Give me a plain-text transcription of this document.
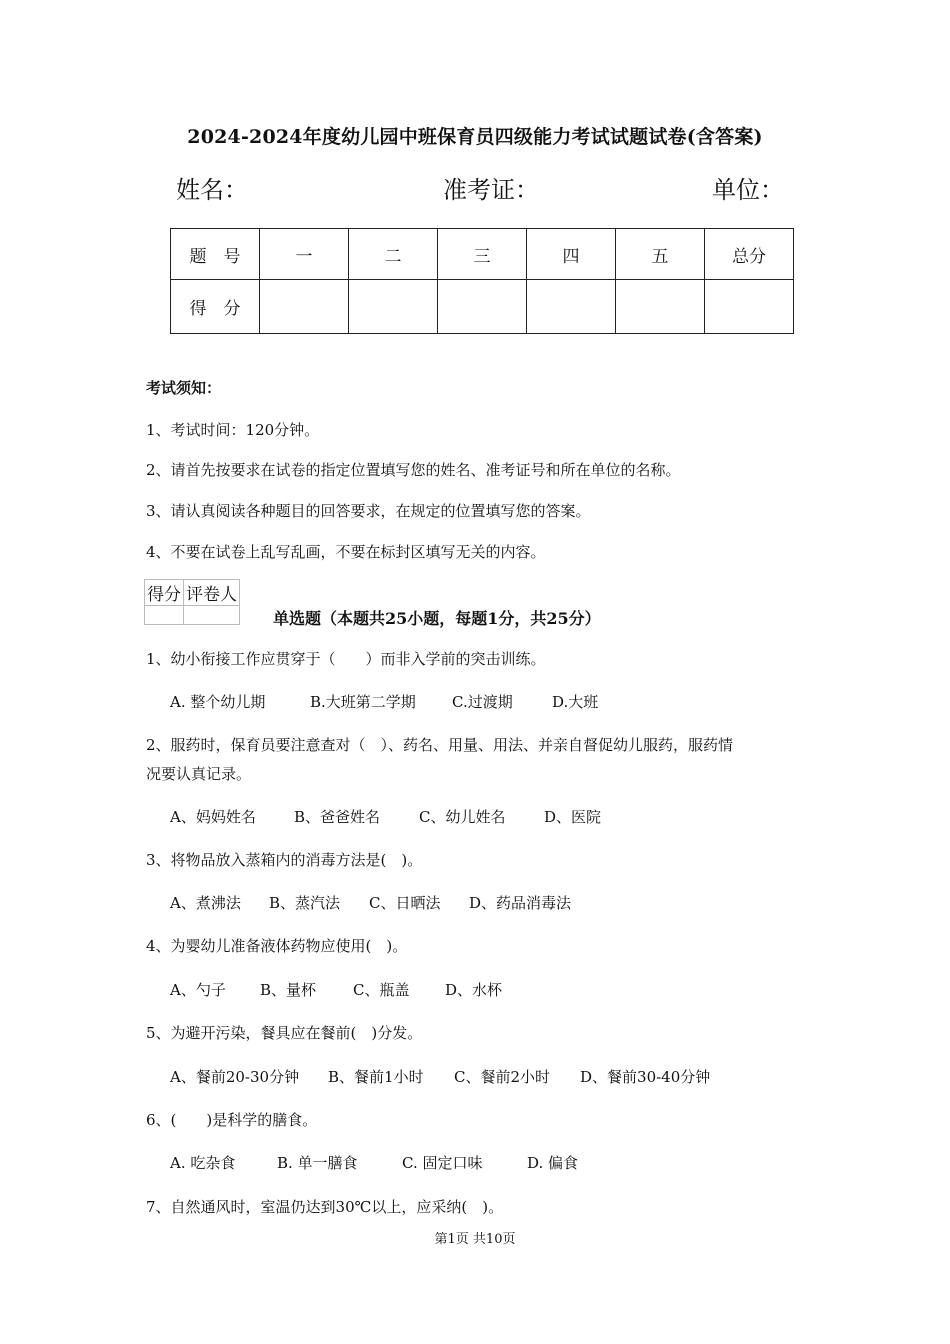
2024-2024年度幼儿园中班保育员四级能力考试试题试卷(含答案)
姓名：	准考证：	单位：
题　号	一	二	三	四	五	总分
得　分						
考试须知：
1、考试时间：120分钟。
2、请首先按要求在试卷的指定位置填写您的姓名、准考证号和所在单位的名称。
3、请认真阅读各种题目的回答要求，在规定的位置填写您的答案。
4、不要在试卷上乱写乱画，不要在标封区填写无关的内容。
得分	评卷人

单选题（本题共25小题，每题1分，共25分）
1、幼小衔接工作应贯穿于（　　）而非入学前的突击训练。
A. 整个幼儿期	B.大班第二学期 C.过渡期	D.大班
2、服药时，保育员要注意查对（　）、药名、用量、用法、并亲自督促幼儿服药，服药情
况要认真记录。
A、妈妈姓名	B、爸爸姓名	C、幼儿姓名	D、医院
3、将物品放入蒸箱内的消毒方法是(　)。
A、煮沸法 B、蒸汽法 C、日晒法 D、药品消毒法
4、为婴幼儿准备液体药物应使用(　)。
A、勺子 B、量杯 C、瓶盖 D、水杯
5、为避开污染，餐具应在餐前(　)分发。
A、餐前20-30分钟 B、餐前1小时 C、餐前2小时 D、餐前30-40分钟
6、(　　)是科学的膳食。
A. 吃杂食	B. 单一膳食	C. 固定口味	D. 偏食
7、自然通风时，室温仍达到30℃以上，应采纳(　)。
第1页 共10页
